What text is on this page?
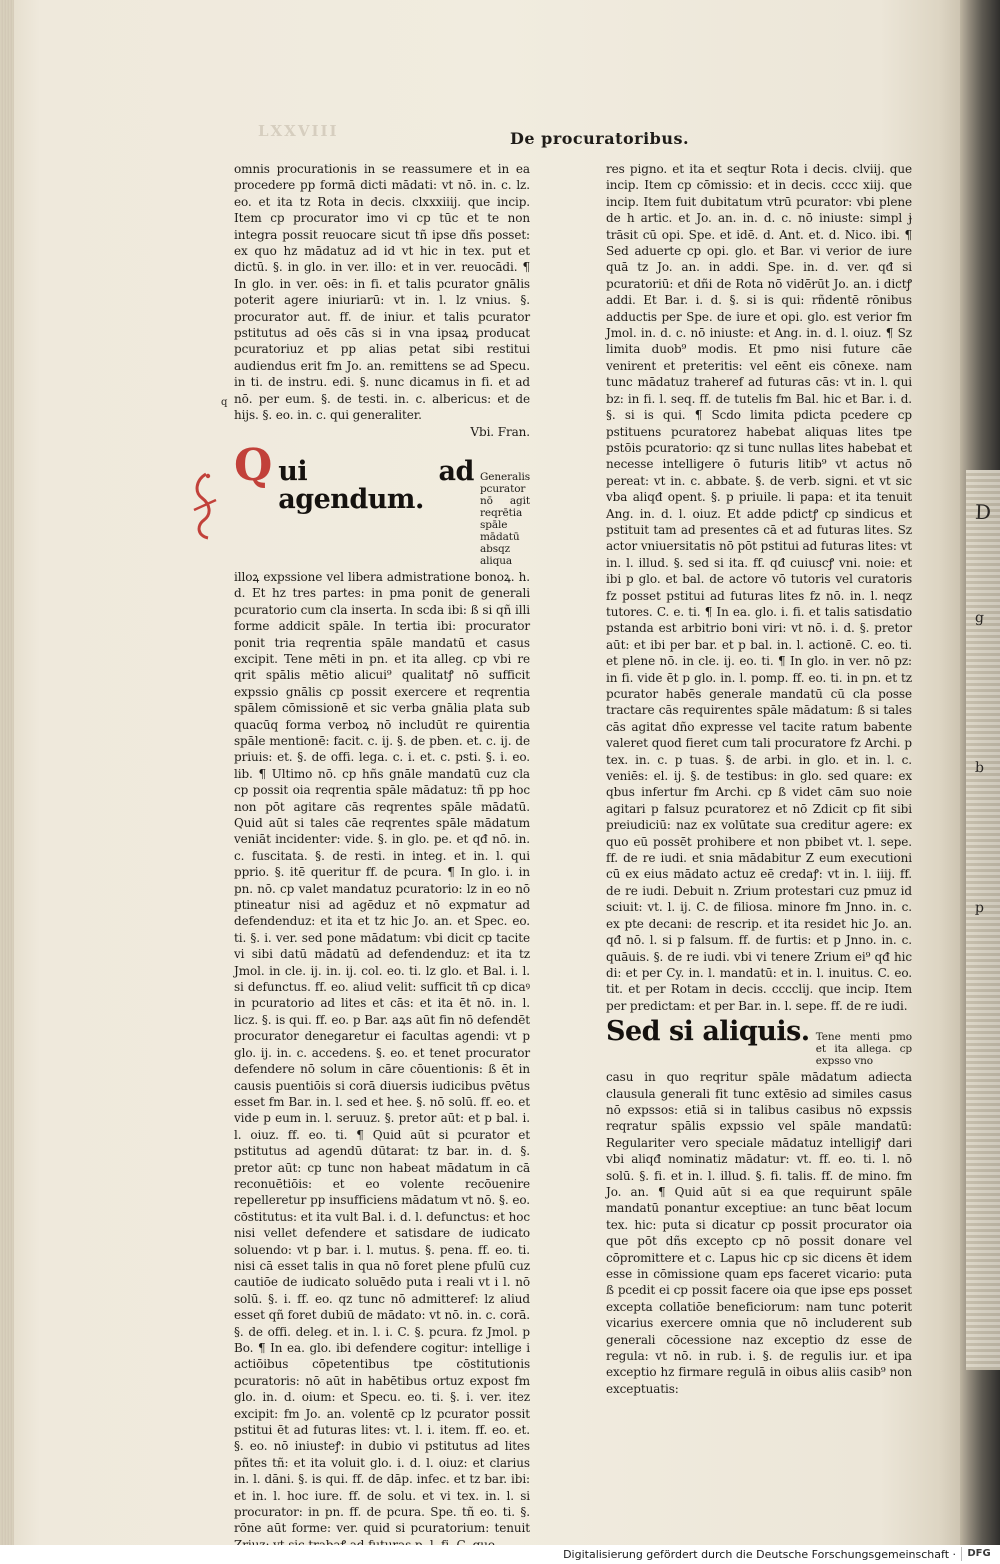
LXXVIII	De procuratoribus.
q

omnis procurationis in se reassumere et in ea procedere pp formā dicti mādati: vt nō. in. c. lz. eo. et ita tz Rota in decis. clxxxiiij. que incip. Item cp procurator imo vi cp tūc et te non integra possit reuocare sicut tñ ipse dñs posset: ex quo hz mādatuz ad id vt hic in tex. put et dictū. §. in glo. in ver. illo: et in ver. reuocādi. ¶ In glo. in ver. oēs: in fi. et talis pcurator gnālis poterit agere iniuriarū: vt in. l. lz vnius. §. procurator aut. ff. de iniur. et talis pcurator pstitutus ad oēs cās si in vna ipsaꝝ producat pcuratoriuz et pp alias petat sibi restitui audiendus erit fm Jo. an. remittens se ad Specu. in ti. de instru. edi. §. nunc dicamus in fi. et ad nō. per eum. §. de testi. in. c. albericus: et de hijs. §. eo. in. c. qui generaliter.

Vbi. Fran.

Q ui ad agendum.
Generalis pcurator nō agit reqrētia spāle mādatū absqz aliqua

illoꝝ expssione vel libera admistratione bonoꝝ. h. d. Et hz tres partes: in pma ponit de generali pcuratorio cum cla inserta. In scda ibi: ß si qñ illi forme addicit spāle. In tertia ibi: procurator ponit tria reqrentia spāle mandatū et casus excipit. Tene mēti in pn. et ita alleg. cp vbi re qrit spālis mētio alicui⁹ qualitatꝭ nō sufficit expssio gnālis cp possit exercere et reqrentia spālem cōmissionē et sic verba gnālia plata sub quacūq forma verboꝝ nō includūt re quirentia spāle mentionē: facit. c. ij. §. de pben. et. c. ij. de priuis: et. §. de offi. lega. c. i. et. c. psti. §. i. eo. lib. ¶ Ultimo nō. cp hñs gnāle mandatū cuz cla cp possit oia reqrentia spāle mādatuz: tñ pp hoc non pōt agitare cās reqrentes spāle mādatū. Quid aūt si tales cāe reqrentes spāle mādatum veniāt incidenter: vide. §. in glo. pe. et qđ nō. in. c. fuscitata. §. de resti. in integ. et in. l. qui pprio. §. itē queritur ff. de pcura. ¶ In glo. i. in pn. nō. cp valet mandatuz pcuratorio: lz in eo nō ptineatur nisi ad agēduz et nō expmatur ad defendenduz: et ita et tz hic Jo. an. et Spec. eo. ti. §. i. ver. sed pone mādatum: vbi dicit cp tacite vi sibi datū mādatū ad defendenduz: et ita tz Jmol. in cle. ij. in. ij. col. eo. ti. lz glo. et Bal. i. l. si defunctus. ff. eo. aliud velit: sufficit tñ cp dicaꝰ in pcuratorio ad lites et cās: et ita ēt nō. in. l. licz. §. is qui. ff. eo. p Bar. aꝝs aūt fin nō defendēt procurator denegaretur ei facultas agendi: vt p glo. ij. in. c. accedens. §. eo. et tenet procurator defendere nō solum in cāre cōuentionis: ß ēt in causis puentiōis si corā diuersis iudicibus pvētus esset fm Bar. in. l. sed et hee. §. nō solū. ff. eo. et vide p eum in. l. seruuz. §. pretor aūt: et p bal. i. l. oiuz. ff. eo. ti. ¶ Quid aūt si pcurator et pstitutus ad agendū dūtarat: tz bar. in. d. §. pretor aūt: cp tunc non habeat mādatum in cā reconuētiōis: et eo volente recōuenire repelleretur pp insufficiens mādatum vt nō. §. eo. cōstitutus: et ita vult Bal. i. d. l. defunctus: et hoc nisi vellet defendere et satisdare de iudicato soluendo: vt p bar. i. l. mutus. §. pena. ff. eo. ti. nisi cā esset talis in qua nō foret plene pfulū cuz cautiōe de iudicato soluēdo puta i reali vt i l. nō solū. §. i. ff. eo. qz tunc nō admitteref: lz aliud esset qñ foret dubiū de mādato: vt nō. in. c. corā. §. de offi. deleg. et in. l. i. C. §. pcura. fz Jmol. p Bo. ¶ In ea. glo. ibi defendere cogitur: intellige i actiōibus cōpetentibus tpe cōstitutionis pcuratoris: nō aūt in habētibus ortuz expost fm glo. in. d. oium: et Specu. eo. ti. §. i. ver. itez excipit: fm Jo. an. volentē cp lz pcurator possit pstitui ēt ad futuras lites: vt. l. i. item. ff. eo. et. §. eo. nō iniusteꝭ: in dubio vi pstitutus ad lites pñtes tñ: et ita voluit glo. i. d. l. oiuz: et clarius in. l. dāni. §. is qui. ff. de dāp. infec. et tz bar. ibi: et in. l. hoc iure. ff. de solu. et vi tex. in. l. si procurator: in pn. ff. de pcura. Spe. tñ eo. ti. §. rōne aūt forme: ver. quid si pcuratorium: tenuit

res pigno. et ita et seqtur Rota i decis. clviij. que incip. Item cp cōmissio: et in decis. cccc xiij. que incip. Item fuit dubitatum vtrū pcurator: vbi plene de h artic. et Jo. an. in. d. c. nō iniuste: simpl ɉ trāsit cū opi. Spe. et idē. d. Ant. et. d. Nico. ibi. ¶ Sed aduerte cp opi. glo. et Bar. vi verior de iure quā tz Jo. an. in addi. Spe. in. d. ver. qđ si pcuratoriū: et dñi de Rota nō vidērūt Jo. an. i dictꝭ addi. Et Bar. i. d. §. si is qui: rñdentē rōnibus adductis per Spe. de iure et opi. glo. est verior fm Jmol. in. d. c. nō iniuste: et Ang. in. d. l. oiuz. ¶ Sz limita duob⁹ modis. Et pmo nisi future cāe venirent et preteritis: vel eēnt eis cōnexe. nam tunc mādatuz traheref ad futuras cās: vt in. l. qui bz: in fi. l. seq. ff. de tutelis fm Bal. hic et Bar. i. d. §. si is qui. ¶ Scdo limita pdicta pcedere cp pstituens pcuratorez habebat aliquas lites tpe pstōis pcuratorio: qz si tunc nullas lites habebat et necesse intelligere ō futuris litib⁹ vt actus nō pereat: vt in. c. abbate. §. de verb. signi. et vt sic vba aliqđ opent. §. p priuile. li papa: et ita tenuit Ang. in. d. l. oiuz. Et adde pdictꝭ cp sindicus et pstituit tam ad presentes cā et ad futuras lites. Sz actor vniuersitatis nō pōt pstitui ad futuras lites: vt in. l. illud. §. sed si ita. ff. qđ cuiuscꝭ vni. noie: et ibi p glo. et bal. de actore vō tutoris vel curatoris fz posset pstitui ad futuras lites fz nō. in. l. neqz tutores. C. e. ti. ¶ In ea. glo. i. fi. et talis satisdatio pstanda est arbitrio boni viri: vt nō. i. d. §. pretor aūt: et ibi per bar. et p bal. in. l. actionē. C. eo. ti. et plene nō. in cle. ij. eo. ti. ¶ In glo. in ver. nō pz: in fi. vide ēt p glo. in. l. pomp. ff. eo. ti. in pn. et tz pcurator habēs generale mandatū cū cla posse tractare cās requirentes spāle mādatum: ß si tales cās agitat dño expresse vel tacite ratum babente valeret quod fieret cum tali procuratore fz Archi. p tex. in. c. p tuas. §. de arbi. in glo. et in. l. c. veniēs: el. ij. §. de testibus: in glo. sed quare: ex qbus infertur fm Archi. cp ß videt cām suo noie agitari p falsuz pcuratorez et nō Zdicit cp fit sibi preiudiciū: naz ex volūtate sua creditur agere: ex quo eū possēt prohibere et non pbibet vt. l. sepe. ff. de re iudi. et snia mādabitur Z eum executioni cū ex eius mādato actuz eē credaꝭ: vt in. l. iiij. ff. de re iudi. Debuit n. Zrium protestari cuz pmuz id sciuit: vt. l. ij. C. de filiosa. minore fm Jnno. in. c. ex pte decani: de rescrip. et ita residet hic Jo. an. qđ nō. l. si p falsum. ff. de furtis: et p Jnno. in. c. quāuis. §. de re iudi. vbi vi tenere Zrium ei⁹ qđ hic di: et per Cy. in. l. mandatū: et in. l. inuitus. C. eo. tit. et per Rotam in decis. cccclij. que incip. Item per predictam: et per Bar. in. l. sepe. ff. de re iudi.

Sed si aliquis. Tene menti pmo et ita allega. cp expsso vno

casu in quo reqritur spāle mādatum adiecta clausula generali fit tunc extēsio ad similes casus nō expssos: etiā si in talibus casibus nō expssis reqratur spālis expssio vel spāle mandatū: Regulariter vero speciale mādatuz intelligiꝭ dari vbi aliqđ nominatiz mādatur: vt. ff. eo. ti. l. nō solū. §. fi. et in. l. illud. §. fi. talis. ff. de mino. fm Jo. an. ¶ Quid aūt si ea que requirunt spāle mandatū ponantur exceptiue: an tunc bēat locum tex. hic: puta si dicatur cp possit procurator oia que pōt dñs excepto cp nō possit donare vel cōpromittere et c. Lapus hic cp sic dicens ēt idem esse in cōmissione quam eps faceret vicario: puta ß pcedit ei cp possit facere oia que ipse eps posset excepta collatiōe beneficiorum: nam tunc poterit vicarius exercere omnia que nō includerent sub generali cōcessione naz exceptio dz esse de regula: vt nō. in rub. i. §. de regulis iur. et ipa exceptio hz firmare regulā in oibus aliis casib⁹ non exceptuatis:

D
g
b
p
Digitalisierung gefördert durch die Deutsche Forschungsgemeinschaft ·	DFG
